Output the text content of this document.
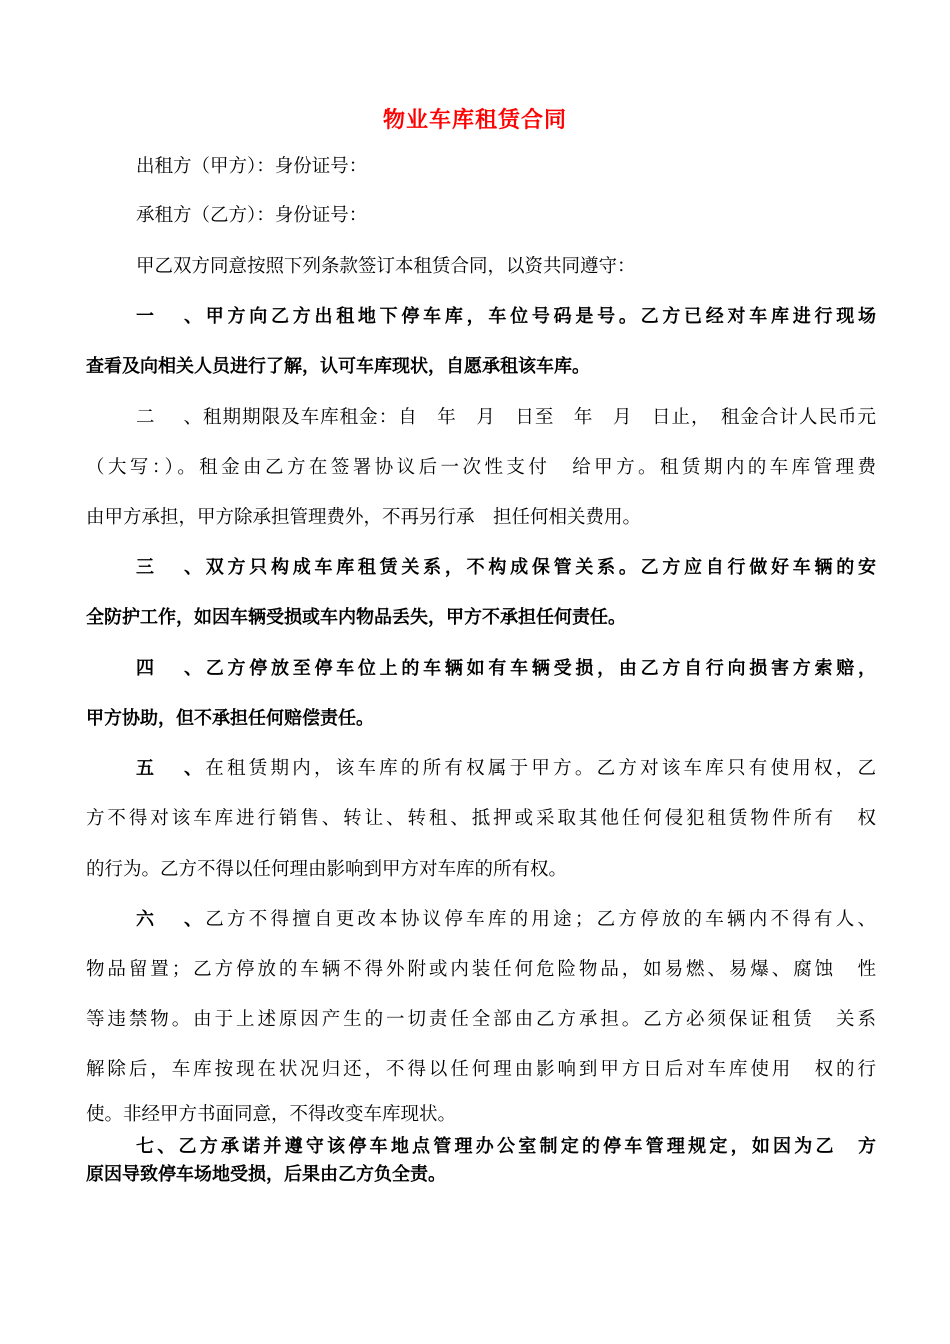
物业车库租赁合同
出租方（甲方）：身份证号：
承租方（乙方）：身份证号：
甲乙双方同意按照下列条款签订本租赁合同，以资共同遵守：
一、甲方向乙方出租地下停车库，车位号码是号。乙方已经对车库进行现场
查看及向相关人员进行了解，认可车库现状，自愿承租该车库。
二、租期期限及车库租金：自　年　月　日至　年　月　日止，　租金合计人民币元
（大写：）。租金由乙方在签署协议后一次性支付　给甲方。租赁期内的车库管理费
由甲方承担，甲方除承担管理费外，不再另行承　担任何相关费用。
三、双方只构成车库租赁关系，不构成保管关系。乙方应自行做好车辆的安
全防护工作，如因车辆受损或车内物品丢失，甲方不承担任何责任。
四、乙方停放至停车位上的车辆如有车辆受损，由乙方自行向损害方索赔，
甲方协助，但不承担任何赔偿责任。
五、在租赁期内，该车库的所有权属于甲方。乙方对该车库只有使用权，乙
方不得对该车库进行销售、转让、转租、抵押或采取其他任何侵犯租赁物件所有　权
的行为。乙方不得以任何理由影响到甲方对车库的所有权。
六、乙方不得擅自更改本协议停车库的用途；乙方停放的车辆内不得有人、
物品留置；乙方停放的车辆不得外附或内装任何危险物品，如易燃、易爆、腐蚀　性
等违禁物。由于上述原因产生的一切责任全部由乙方承担。乙方必须保证租赁　关系
解除后，车库按现在状况归还，不得以任何理由影响到甲方日后对车库使用　权的行
使。非经甲方书面同意，不得改变车库现状。
七、乙方承诺并遵守该停车地点管理办公室制定的停车管理规定，如因为乙　方
原因导致停车场地受损，后果由乙方负全责。
